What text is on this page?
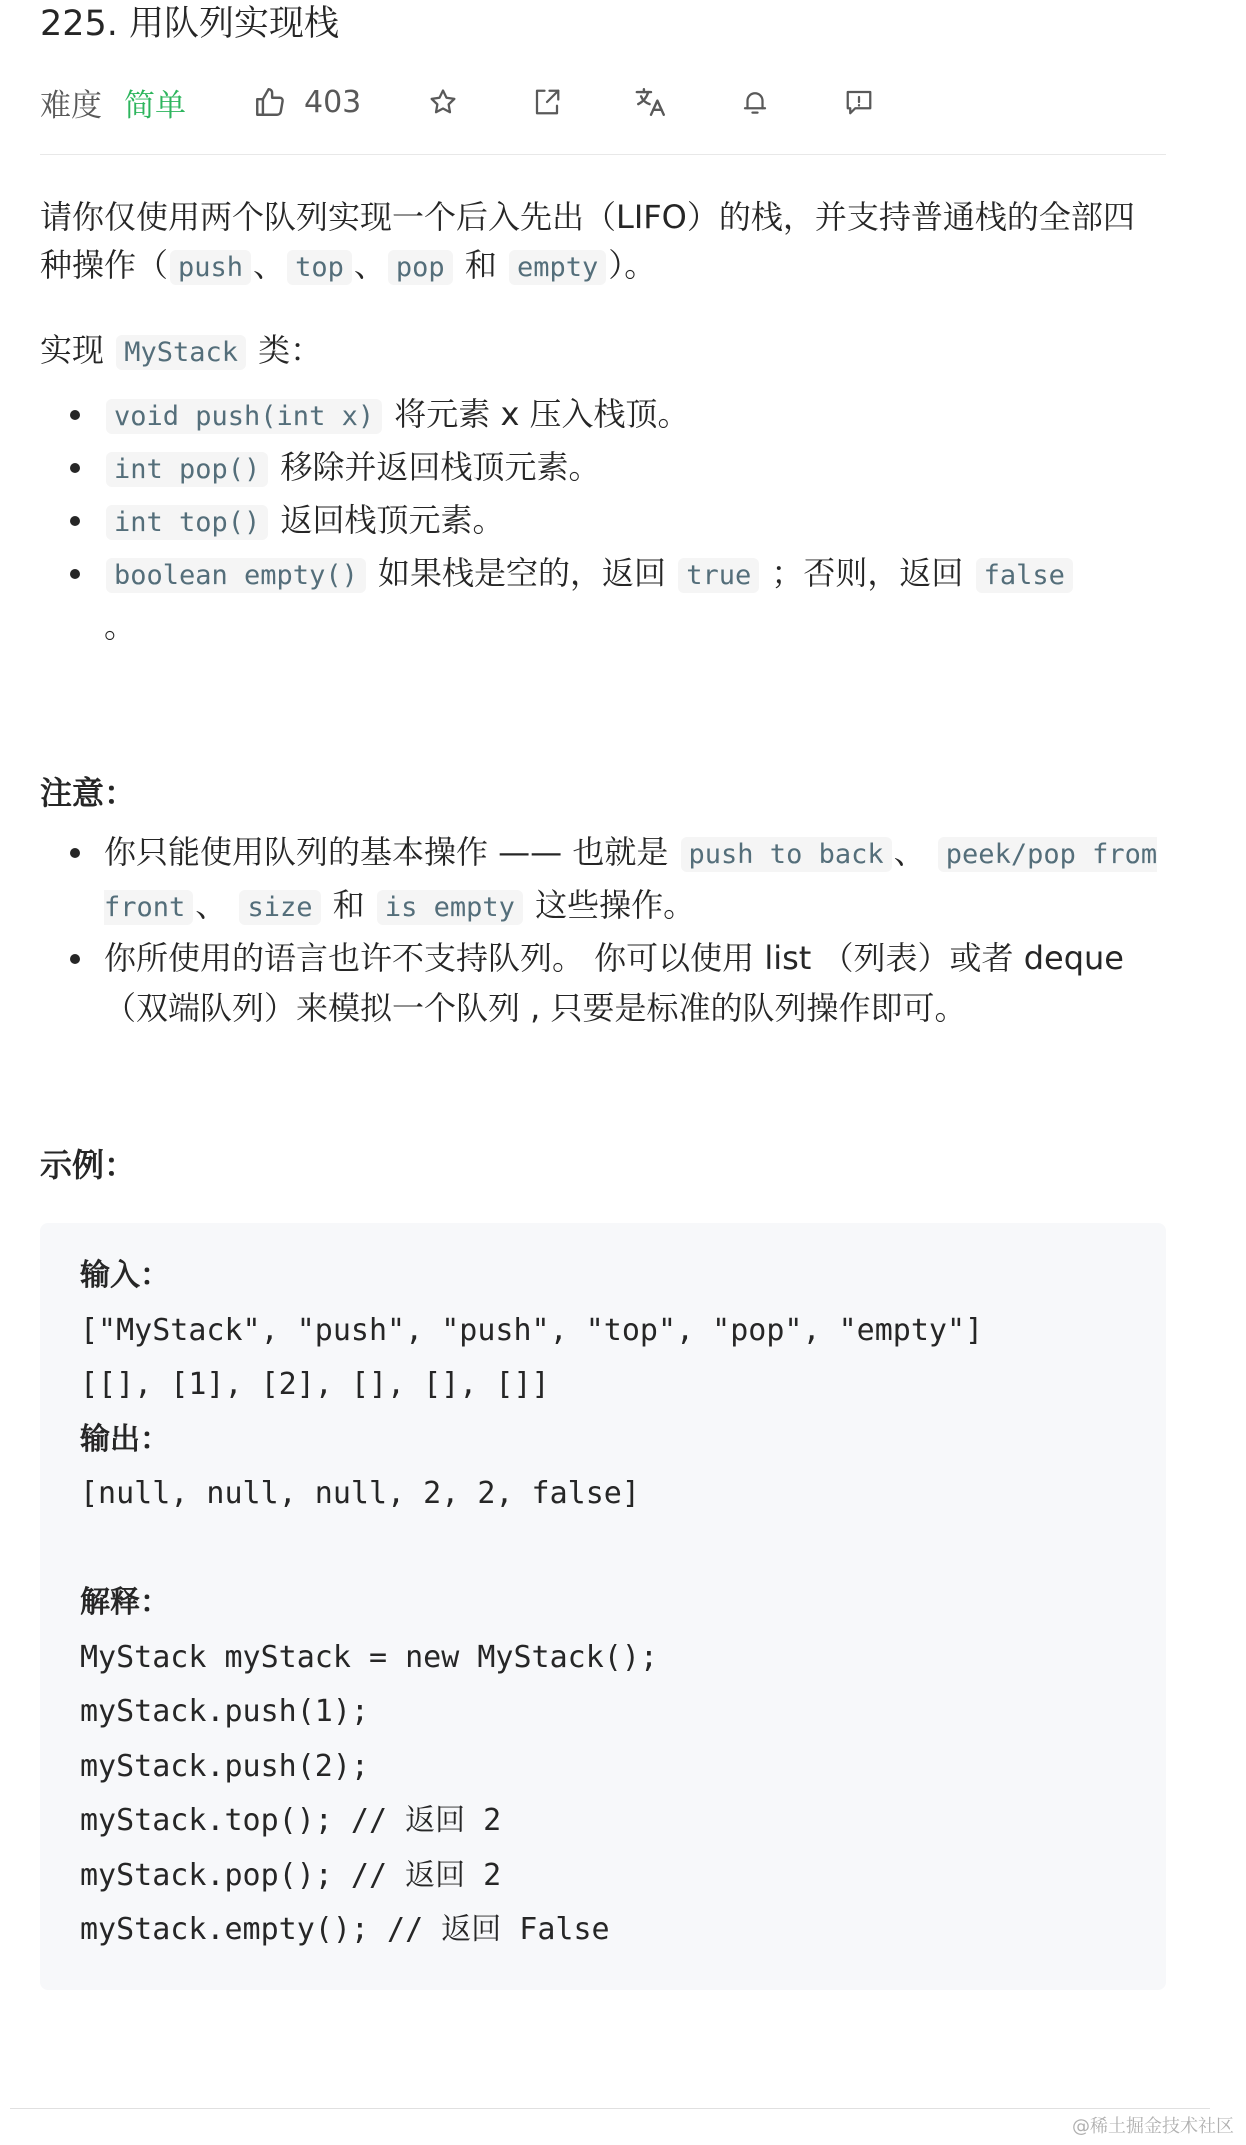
225. 用队列实现栈
难度 简单	403

请你仅使用两个队列实现一个后入先出（LIFO）的栈，并支持普通栈的全部四种操作（ push 、 top 、 pop 和 empty ）。

实现 MyStack 类：

void push(int x) 将元素 x 压入栈顶。
int pop() 移除并返回栈顶元素。
int top() 返回栈顶元素。
boolean empty() 如果栈是空的，返回 true ；否则，返回 false
。
注意：
你只能使用队列的基本操作 —— 也就是 push to back 、 peek/pop from front 、 size 和 is empty 这些操作。
你所使用的语言也许不支持队列。 你可以使用 list （列表）或者 deque（双端队列）来模拟一个队列 , 只要是标准的队列操作即可。
示例：
输入：
["MyStack", "push", "push", "top", "pop", "empty"]
[[], [1], [2], [], [], []]
输出：
[null, null, null, 2, 2, false]
解释：
MyStack myStack = new MyStack();
myStack.push(1);
myStack.push(2);
myStack.top(); // 返回 2
myStack.pop(); // 返回 2
myStack.empty(); // 返回 False
@稀土掘金技术社区
